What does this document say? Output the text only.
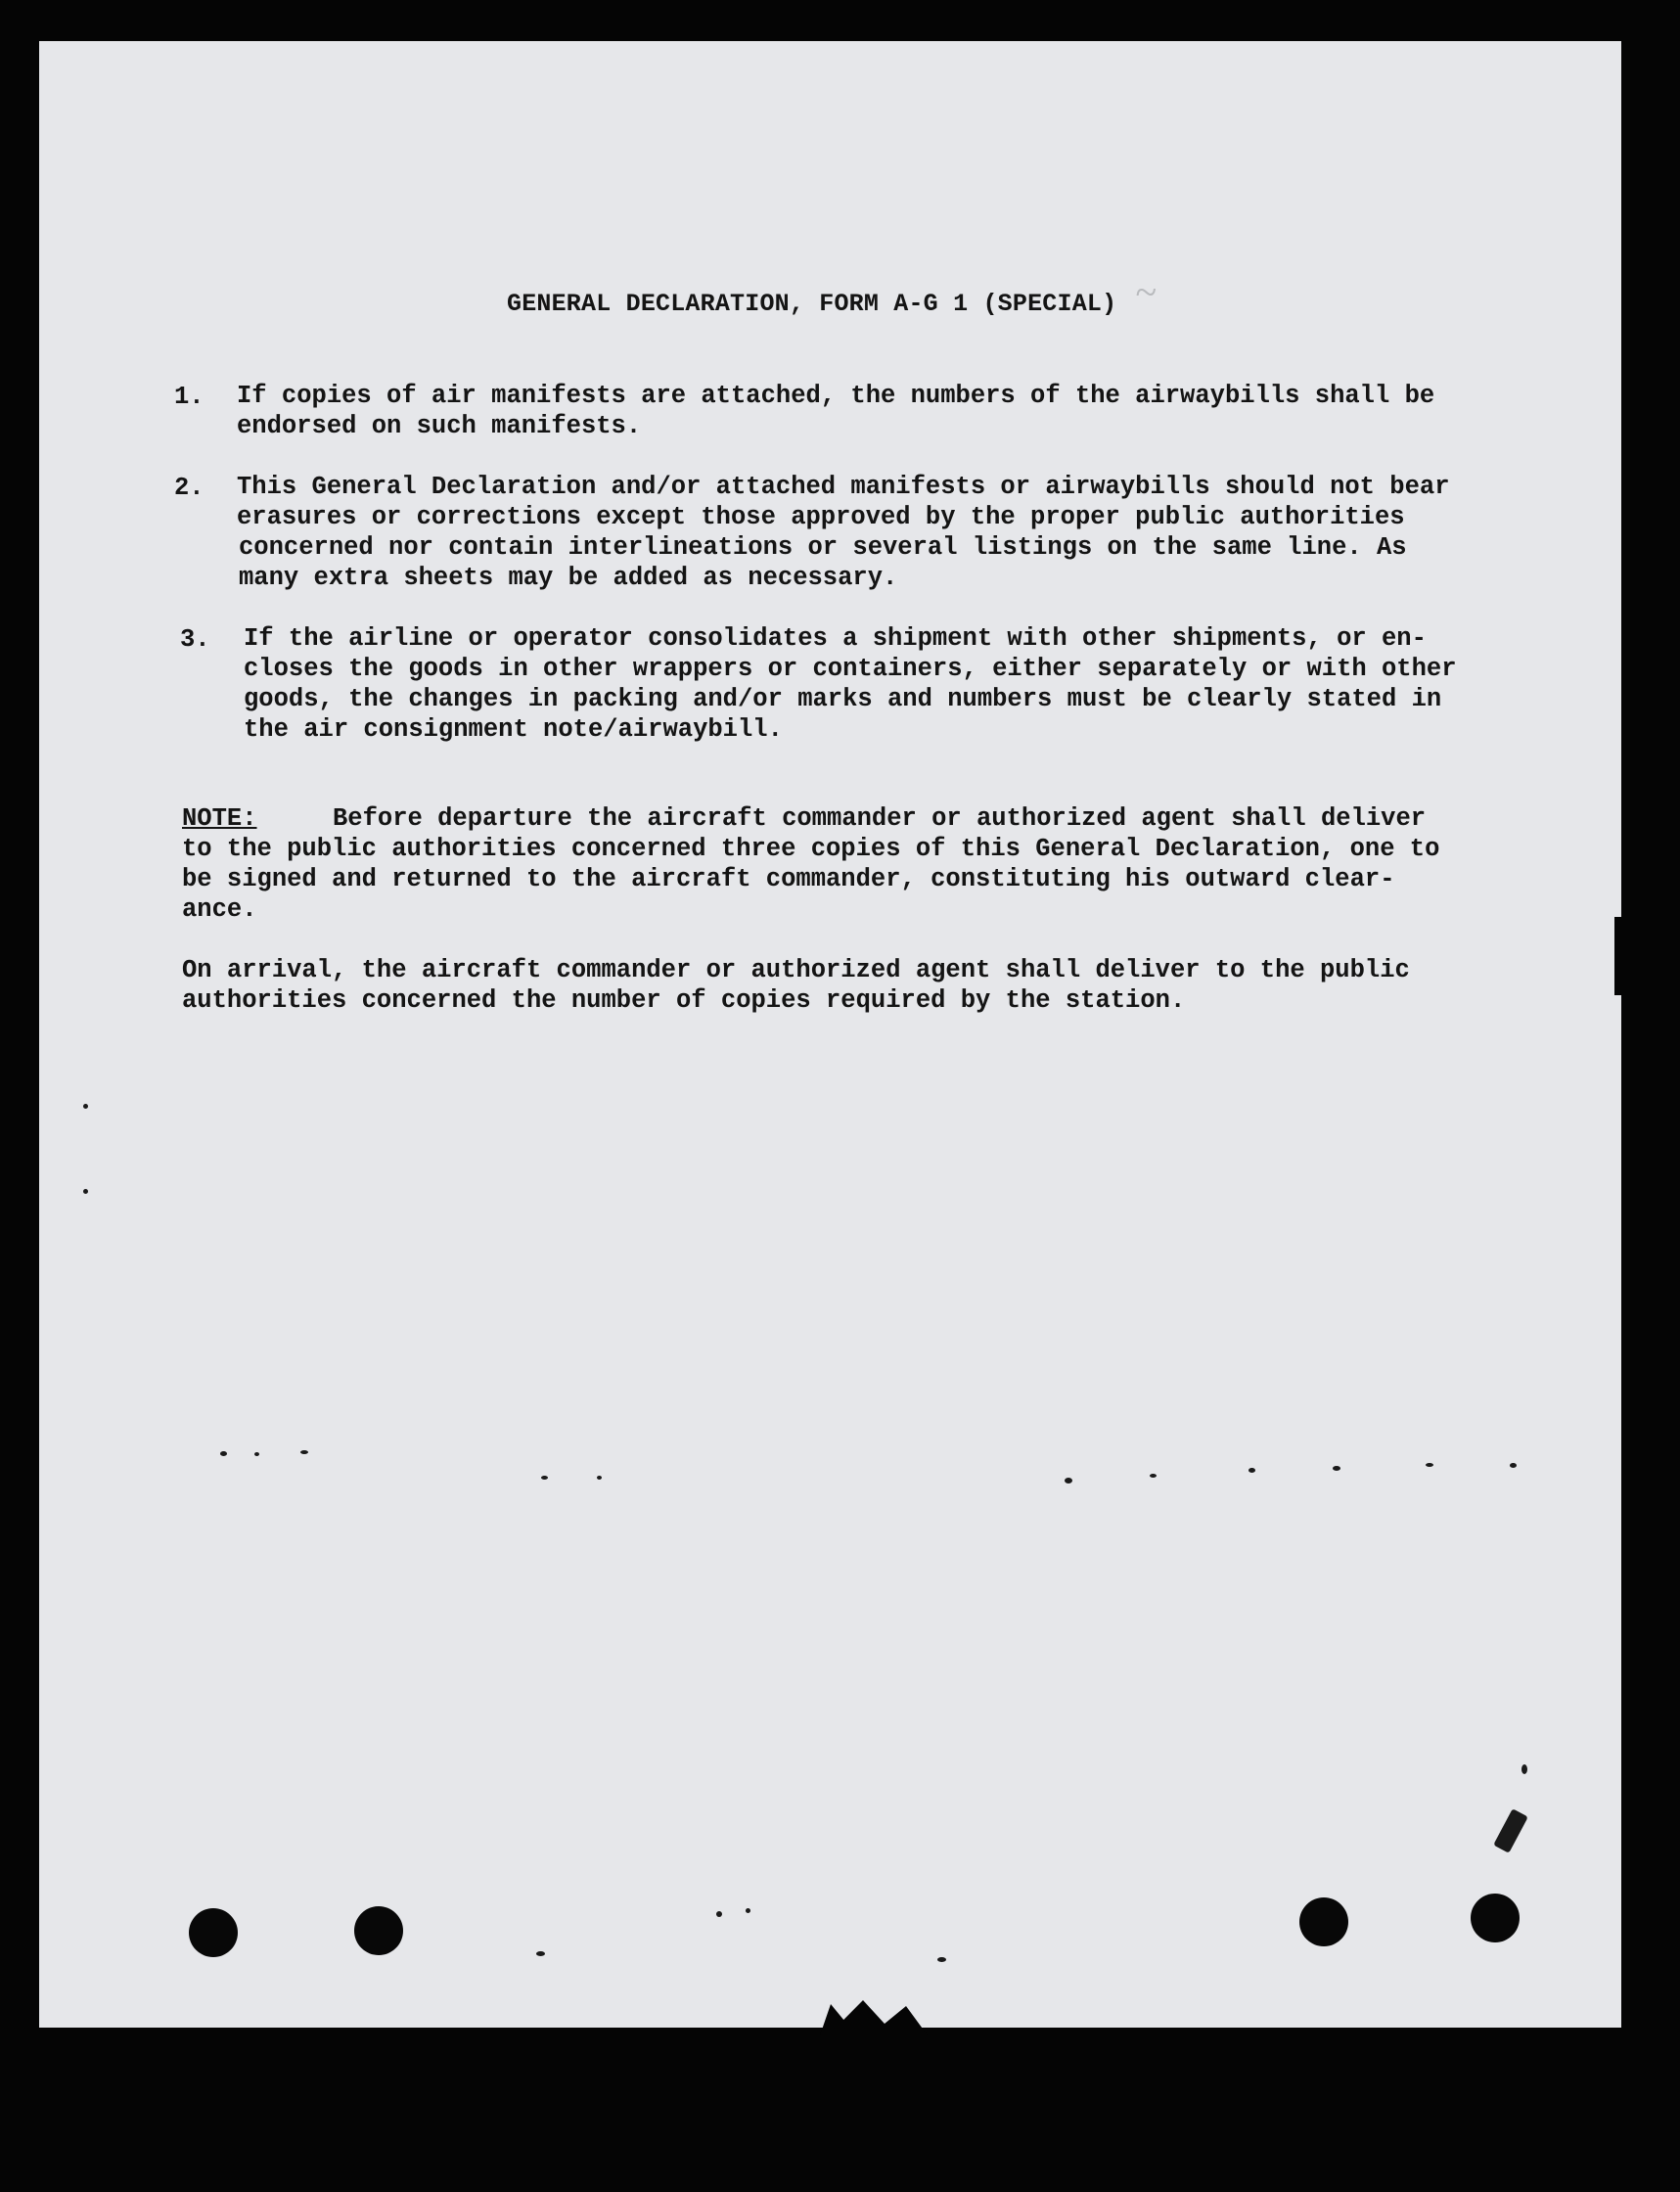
~
GENERAL DECLARATION, FORM A-G 1 (SPECIAL)
1. If copies of air manifests are attached, the numbers of the airwaybills shall be
endorsed on such manifests.
2. This General Declaration and/or attached manifests or airwaybills should not bear
erasures or corrections except those approved by the proper public authorities
concerned nor contain interlineations or several listings on the same line. As
many extra sheets may be added as necessary.
3. If the airline or operator consolidates a shipment with other shipments, or en-
closes the goods in other wrappers or containers, either separately or with other
goods, the changes in packing and/or marks and numbers must be clearly stated in
the air consignment note/airwaybill.
NOTE:	Before departure the aircraft commander or authorized agent shall deliver
to the public authorities concerned three copies of this General Declaration, one to
be signed and returned to the aircraft commander, constituting his outward clear-
ance.
On arrival, the aircraft commander or authorized agent shall deliver to the public
authorities concerned the number of copies required by the station.
